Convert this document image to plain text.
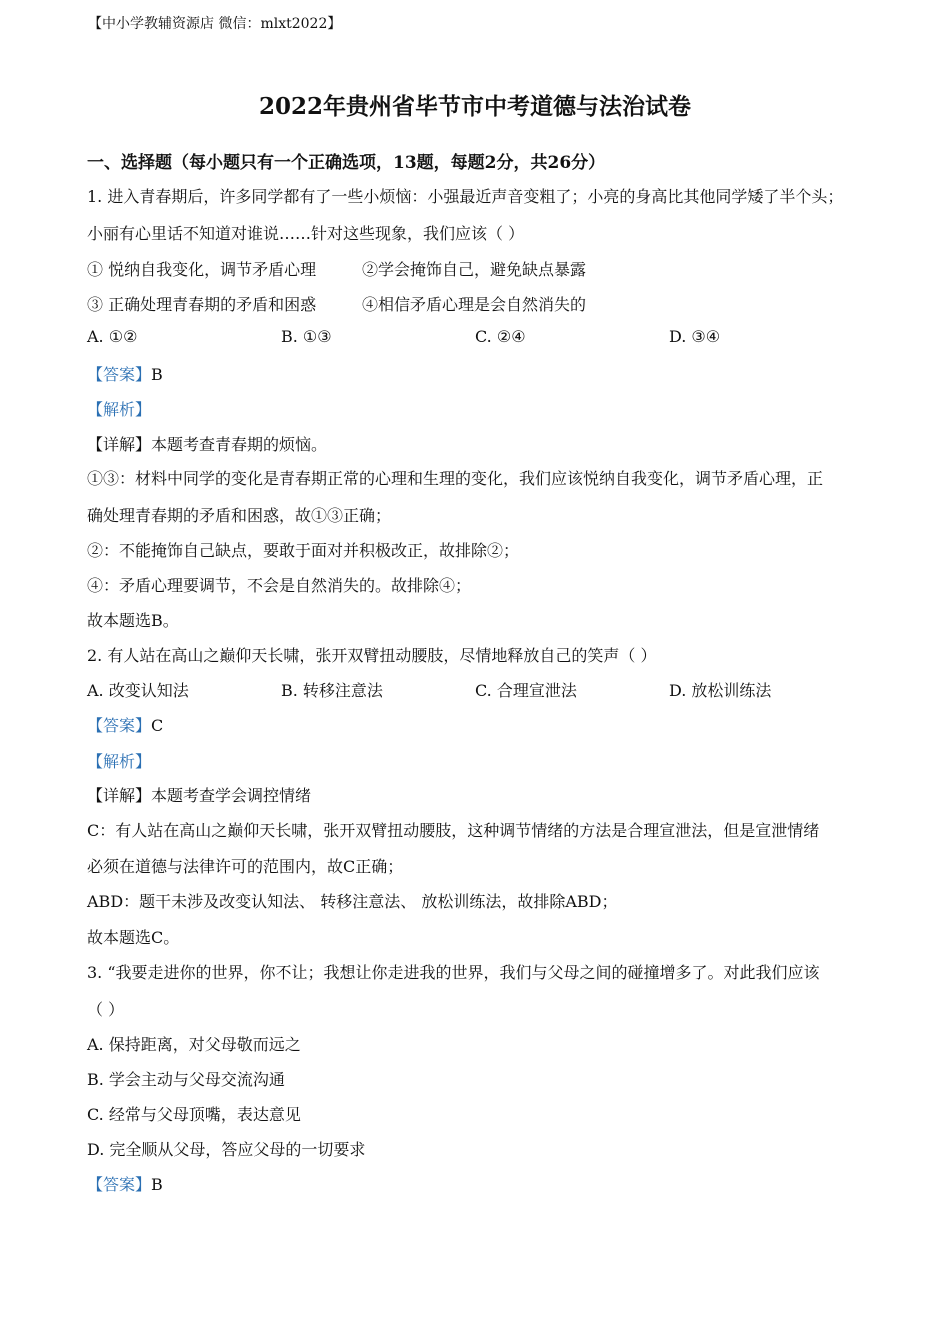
【中小学教辅资源店 微信：mlxt2022】
2022年贵州省毕节市中考道德与法治试卷
一、选择题（每小题只有一个正确选项，13题，每题2分，共26分）
1. 进入青春期后，许多同学都有了一些小烦恼：小强最近声音变粗了；小亮的身高比其他同学矮了半个头；
小丽有心里话不知道对谁说……针对这些现象，我们应该（ ）
① 悦纳自我变化，调节矛盾心理	②学会掩饰自己，避免缺点暴露
③ 正确处理青春期的矛盾和困惑	④相信矛盾心理是会自然消失的
A. ①②	B. ①③	C. ②④	D. ③④
【答案】B
【解析】
【详解】本题考查青春期的烦恼。
①③：材料中同学的变化是青春期正常的心理和生理的变化，我们应该悦纳自我变化，调节矛盾心理，正
确处理青春期的矛盾和困惑，故①③正确；
②：不能掩饰自己缺点，要敢于面对并积极改正，故排除②；
④：矛盾心理要调节，不会是自然消失的。故排除④；
故本题选B。
2. 有人站在高山之巅仰天长啸，张开双臂扭动腰肢，尽情地释放自己的笑声（ ）
A. 改变认知法	B. 转移注意法	C. 合理宣泄法	D. 放松训练法
【答案】C
【解析】
【详解】本题考查学会调控情绪
C：有人站在高山之巅仰天长啸，张开双臂扭动腰肢，这种调节情绪的方法是合理宣泄法，但是宣泄情绪
必须在道德与法律许可的范围内，故C正确；
ABD：题干未涉及改变认知法、 转移注意法、 放松训练法，故排除ABD；
故本题选C。
3. “我要走进你的世界，你不让；我想让你走进我的世界，我们与父母之间的碰撞增多了。对此我们应该
（ ）
A. 保持距离，对父母敬而远之
B. 学会主动与父母交流沟通
C. 经常与父母顶嘴，表达意见
D. 完全顺从父母，答应父母的一切要求
【答案】B
